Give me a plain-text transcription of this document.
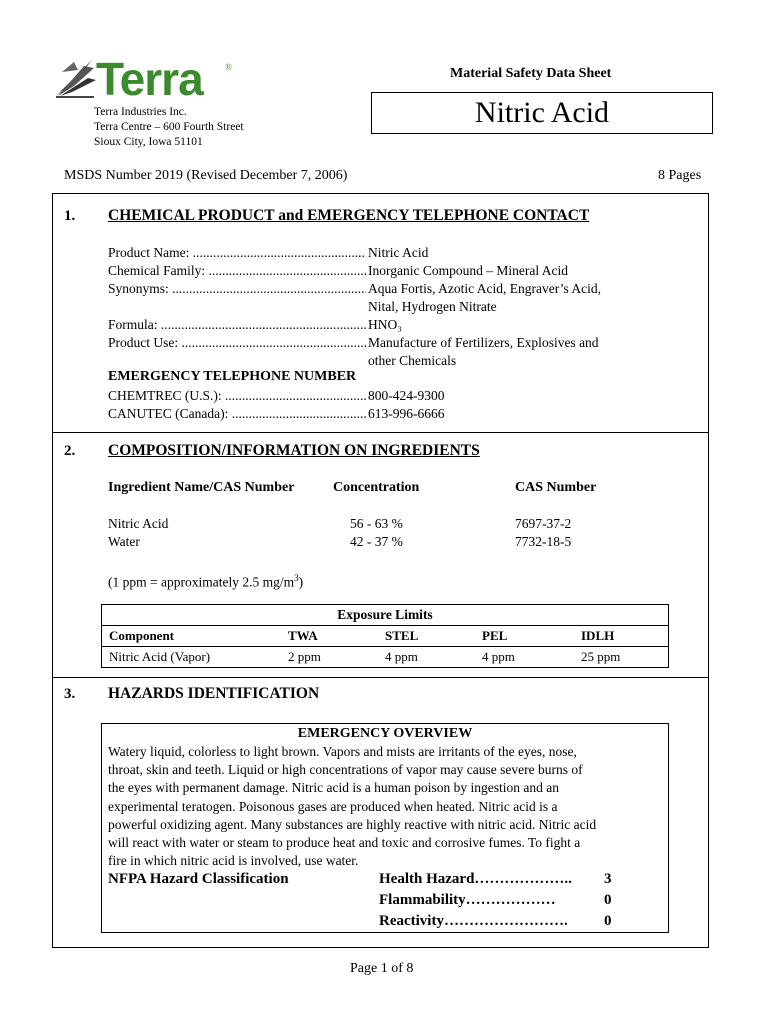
Terra ®
Terra Industries Inc.
Terra Centre – 600 Fourth Street
Sioux City, Iowa 51101
Material Safety Data Sheet
Nitric Acid
MSDS Number 2019 (Revised December 7, 2006)	8 Pages
1. CHEMICAL PRODUCT and EMERGENCY TELEPHONE CONTACT
Product Name: .....	Nitric Acid
Chemical Family: .....	Inorganic Compound – Mineral Acid
Synonyms: .....	Aqua Fortis, Azotic Acid, Engraver’s Acid,
Nital, Hydrogen Nitrate
Formula: .....	HNO₃
Product Use: .....	Manufacture of Fertilizers, Explosives and
other Chemicals
EMERGENCY TELEPHONE NUMBER
CHEMTREC (U.S.): .....	800-424-9300
CANUTEC (Canada): .....	613-996-6666
2. COMPOSITION/INFORMATION ON INGREDIENTS
Ingredient Name/CAS Number	Concentration	CAS Number
Nitric Acid	56 - 63 %	7697-37-2
Water	42 - 37 %	7732-18-5
(1 ppm = approximately 2.5 $mg/m^3$)
Exposure Limits
Component	TWA	STEL	PEL	IDLH
Nitric Acid (Vapor)	2 ppm	4 ppm	4 ppm	25 ppm
3. HAZARDS IDENTIFICATION
EMERGENCY OVERVIEW
Watery liquid, colorless to light brown. Vapors and mists are irritants of the eyes, nose,
throat, skin and teeth. Liquid or high concentrations of vapor may cause severe burns of
the eyes with permanent damage. Nitric acid is a human poison by ingestion and an
experimental teratogen. Poisonous gases are produced when heated. Nitric acid is a
powerful oxidizing agent. Many substances are highly reactive with nitric acid. Nitric acid
will react with water or steam to produce heat and toxic and corrosive fumes. To fight a
fire in which nitric acid is involved, use water.
NFPA Hazard Classification	Health Hazard……………….. 3
Flammability………………	0
Reactivity……………………. 0
Page 1 of 8
